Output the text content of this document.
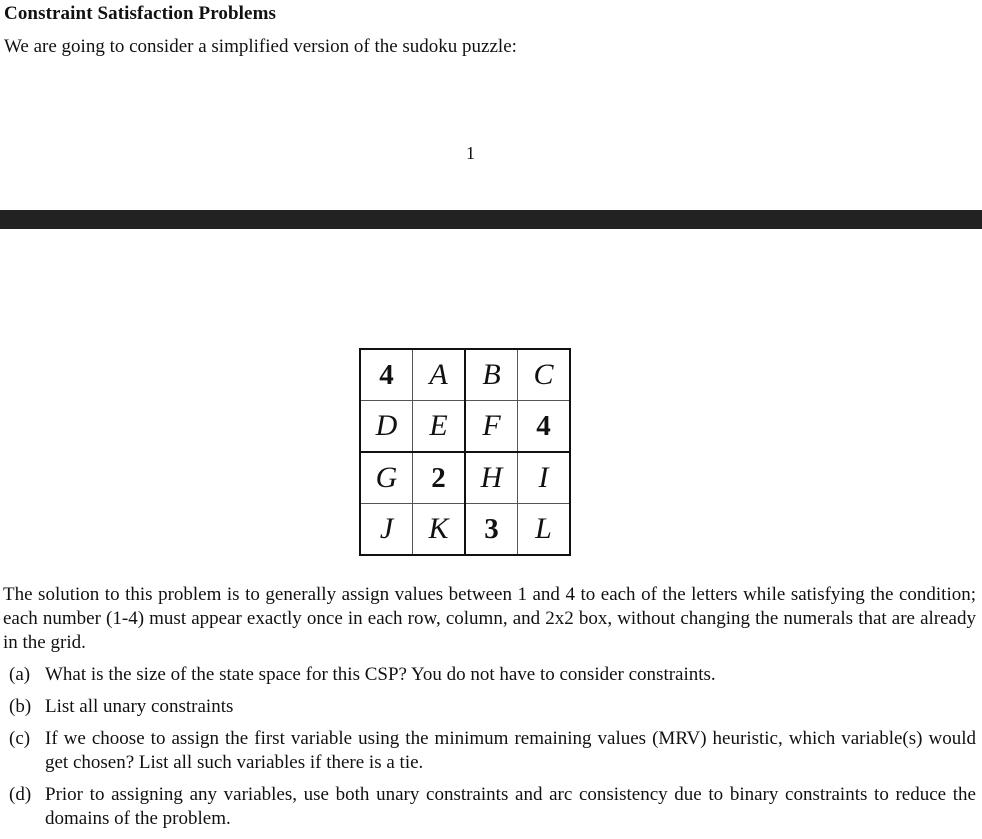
Constraint Satisfaction Problems

We are going to consider a simplified version of the sudoku puzzle:

1
4	A	B	C
D	E	F	4
G	2	H	I
J	K	3	L

The solution to this problem is to generally assign values between 1 and 4 to each of the letters while satisfying the condition; each number (1-4) must appear exactly once in each row, column, and 2x2 box, without changing the numerals that are already in the grid.

(a) What is the size of the state space for this CSP? You do not have to consider constraints.
(b) List all unary constraints
(c) If we choose to assign the first variable using the minimum remaining values (MRV) heuristic, which variable(s) would get chosen? List all such variables if there is a tie.
(d) Prior to assigning any variables, use both unary constraints and arc consistency due to binary constraints to reduce the domains of the problem.
